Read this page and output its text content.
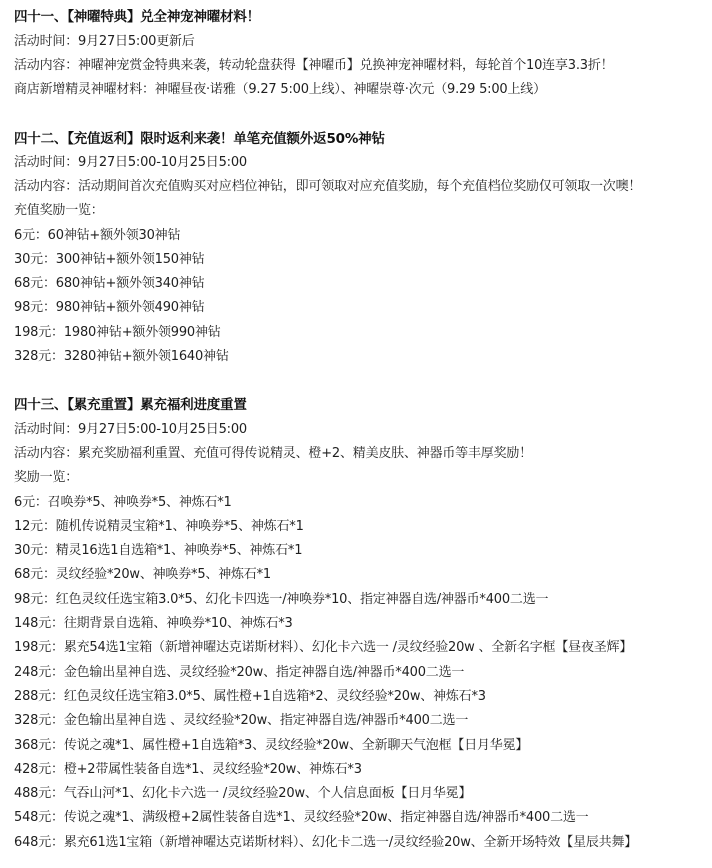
四十一、【神曜特典】兑全神宠神曜材料！
活动时间：9月27日5:00更新后
活动内容：神曜神宠赏金特典来袭，转动轮盘获得【神曜币】兑换神宠神曜材料，每轮首个10连享3.3折！
商店新增精灵神曜材料：神曜昼夜·诺雅（9.27 5:00上线）、神曜崇尊·次元（9.29 5:00上线）
四十二、【充值返利】限时返利来袭！单笔充值额外返50%神钻
活动时间：9月27日5:00-10月25日5:00
活动内容：活动期间首次充值购买对应档位神钻，即可领取对应充值奖励，每个充值档位奖励仅可领取一次噢！
充值奖励一览：
6元：60神钻+额外领30神钻
30元：300神钻+额外领150神钻
68元：680神钻+额外领340神钻
98元：980神钻+额外领490神钻
198元：1980神钻+额外领990神钻
328元：3280神钻+额外领1640神钻
四十三、【累充重置】累充福利进度重置
活动时间：9月27日5:00-10月25日5:00
活动内容：累充奖励福利重置、充值可得传说精灵、橙+2、精美皮肤、神器币等丰厚奖励！
奖励一览：
6元：召唤券*5、神唤券*5、神炼石*1
12元：随机传说精灵宝箱*1、神唤券*5、神炼石*1
30元：精灵16选1自选箱*1、神唤券*5、神炼石*1
68元：灵纹经验*20w、神唤券*5、神炼石*1
98元：红色灵纹任选宝箱3.0*5、幻化卡四选一/神唤券*10、指定神器自选/神器币*400二选一
148元：往期背景自选箱、神唤券*10、神炼石*3
198元：累充54选1宝箱（新增神曜达克诺斯材料）、幻化卡六选一 /灵纹经验20w 、全新名字框【昼夜圣辉】
248元：金色输出星神自选、灵纹经验*20w、指定神器自选/神器币*400二选一
288元：红色灵纹任选宝箱3.0*5、属性橙+1自选箱*2、灵纹经验*20w、神炼石*3
328元：金色输出星神自选 、灵纹经验*20w、指定神器自选/神器币*400二选一
368元：传说之魂*1、属性橙+1自选箱*3、灵纹经验*20w、全新聊天气泡框【日月华冕】
428元：橙+2带属性装备自选*1、灵纹经验*20w、神炼石*3
488元：气吞山河*1、幻化卡六选一 /灵纹经验20w、个人信息面板【日月华冕】
548元：传说之魂*1、满级橙+2属性装备自选*1、灵纹经验*20w、指定神器自选/神器币*400二选一
648元：累充61选1宝箱（新增神曜达克诺斯材料）、幻化卡二选一/灵纹经验20w、全新开场特效【星辰共舞】
